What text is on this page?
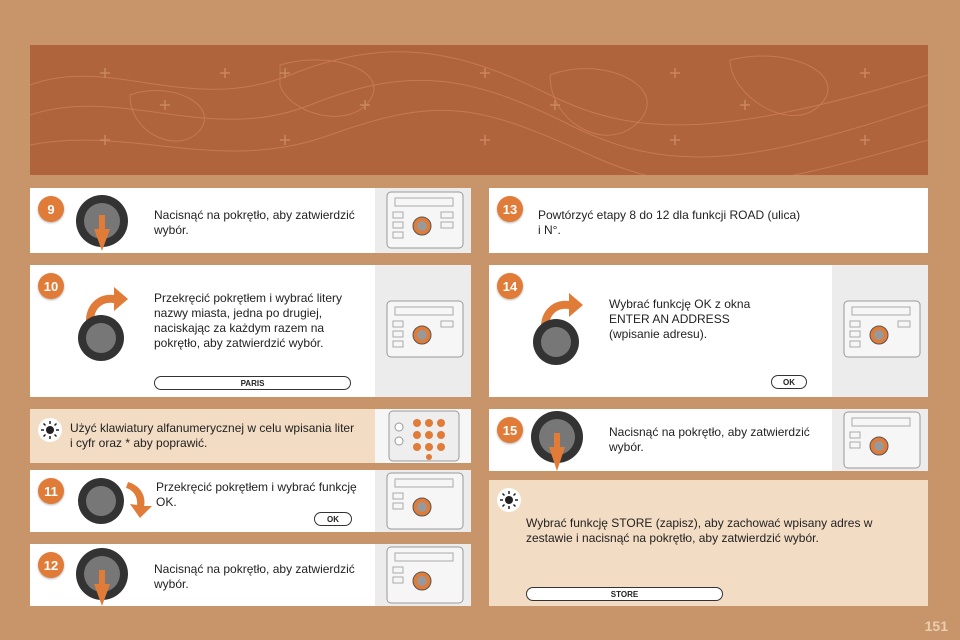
9	Nacisnąć na pokrętło, aby zatwierdzić
wybór.
10
Przekręcić pokrętłem i wybrać litery
nazwy miasta, jedna po drugiej,
naciskając za każdym razem na
pokrętło, aby zatwierdzić wybór.
PARIS
Użyć klawiatury alfanumerycznej w celu wpisania liter
i cyfr oraz * aby poprawić.
11	Przekręcić pokrętłem i wybrać funkcję
OK.
OK
12	Nacisnąć na pokrętło, aby zatwierdzić
wybór.
13	Powtórzyć etapy 8 do 12 dla funkcji ROAD (ulica)
i N°.
14
Wybrać funkcję OK z okna
ENTER AN ADDRESS
(wpisanie adresu).
OK
15	Nacisnąć na pokrętło, aby zatwierdzić
wybór.
Wybrać funkcję STORE (zapisz), aby zachować wpisany adres w
zestawie i nacisnąć na pokrętło, aby zatwierdzić wybór.
STORE
151
